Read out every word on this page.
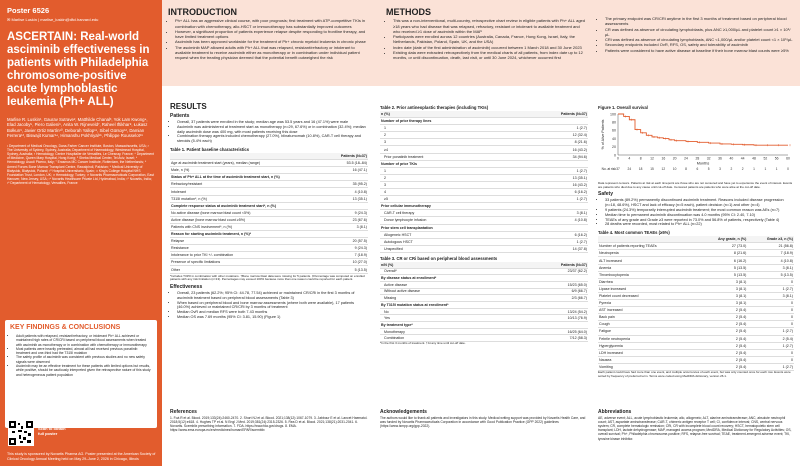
Poster 6526
✉ Marlise Luskin | marlise_luskin@dfci.harvard.edu
ASCERTAIN: Real-world asciminib effectiveness in patients with Philadelphia chromosome-positive acute lymphoblastic leukemia (Ph+ ALL)
Marlise R. Luskin¹, Gaurav Sutrave², Matthilde Chanal³, Yok Lam Kwong⁴, Elad Jacoby⁵, Piero Galieni⁶, Anita W. Rijneveld⁷, Raheel Iftikhar⁸, Łukasz Bołkun⁹, Javier Ortiz Martín¹⁰, Deborah Yallop¹¹, Sibel Gürsoy¹², Damian Ferrera¹³, Biswajit Kumar¹⁴, Himanshu Pokhriyal¹⁵, Philippe Rousselot¹⁶
¹ Department of Medical Oncology, Dana-Farber Cancer Institute, Boston, Massachusetts, USA; ² The University of Sydney, Sydney, Australia; Department of Haematology, Westmead Hospital, Sydney, Australia; ³ Hematology, Centre Hospitalier de Versailles, Le Chesnay, France; ⁴ Department of Medicine, Queen Mary Hospital, Hong Kong; ⁵ Sheba Medical Center, Tel Aviv, Israel; ⁶ Hematology, Ascoli Piceno, Italy; ⁷ Erasmus MC Cancer Institute, Rotterdam, the Netherlands; ⁸ Armed Forces Bone Marrow Transplant Centre, Rawalpindi, Pakistan; ⁹ Medical University of Białystok, Białystok, Poland; ¹⁰ Hospital Universitario, Spain; ¹¹ King's College Hospital NHS Foundation Trust, London, UK; ¹² Hematology, Turkey; ¹³ Novartis Pharmaceuticals Corporation, East Hanover, New Jersey, USA; ¹⁴ Novartis Healthcare Private Ltd, Hyderabad, India; ¹⁵ Novartis, India; ¹⁶ Department of Hematology, Versailles, France
KEY FINDINGS & CONCLUSIONS
• Adult patients with relapsed, resistant/refractory, or intolerant Ph+ ALL achieved or maintained high rates of CR/CRi based on peripheral blood assessments when treated with asciminib as monotherapy or in combination with chemotherapy or immunotherapy
• Most patients were heavily pretreated, almost all had received previous ponatinib treatment and one-third had the T315I mutation
• The safety profile of asciminib was consistent with previous studies and no new safety signals were observed
• Asciminib may be an effective treatment for these patients with limited options but results, while positive, should be cautiously interpreted given the retrospective nature of this study and heterogeneous patient population
Scan to obtain full poster
This study is sponsored by Novartis Pharma AG. Poster presented at the American Society of Clinical Oncology Annual Meeting held on May 29–June 2, 2026 in Chicago, Illinois
INTRODUCTION
• Ph+ ALL has an aggressive clinical course, with poor prognosis; first treatment with ATP-competitive TKIs in combination with chemotherapy, allo-HSCT or immunotherapy has substantially improved outcomes
• However, a significant proportion of patients experience relapse despite responding to frontline therapy, and have limited treatment options
• Asciminib has been approved worldwide for the treatment of Ph+ chronic myeloid leukemia in chronic phase
• The asciminib MAP allowed adults with Ph+ ALL that was relapsed, resistant/refractory or intolerant to available treatment to receive asciminib either as monotherapy or in combination under individual patient request when the treating physician deemed that the potential benefit outweighed the risk
METHODS
• This was a non-interventional, multi-country, retrospective chart review in eligible patients with Ph+ ALL aged ≥18 years who had disease that was relapsed, refractory, resistant or intolerant to available treatment and who received ≥1 dose of asciminib within the MAP
• Participants were enrolled across 12 countries (Australia, Canada, France, Hong Kong, Israel, Italy, the Netherlands, Pakistan, Poland, Spain, UK, and the USA)
• Index date (date of the first administration of asciminib) occurred between 1 March 2018 and 30 June 2023
• Existing data were extracted retrospectively from the medical charts of all patients, from index date up to 12 months, or until discontinuation, death, last visit, or until 30 June 2024, whichever occurred first
• The primary endpoint was CR/CRi anytime in the first 3 months of treatment based on peripheral blood assessments
• CR was defined as absence of circulating lymphoblasts, plus ANC ≥1,000/µL and platelet count ≥1 × 10⁵/µL
• CRi was defined as absence of circulating lymphoblasts, ANC <1,000/µL and/or platelet count <1 × 10⁵/µL
• Secondary endpoints included OvR, RFS, OS, safety and tolerability of asciminib
• Patients were considered to have active disease at baseline if their bone marrow blast counts were ≥5%
RESULTS
Patients
• Overall, 37 patients were enrolled in the study; median age was 53.5 years and 16 (47.1%) were male
• Asciminib was administered at treatment start as monotherapy (n=29, 67.6%) or in combination (32.4%); median daily asciminib dose was 400 mg, with most patients receiving this dose
• Combination therapy agents included chemotherapy (27.0%), blinatumomab (10.8%), CAR-T cell therapy and steroids (5.4% each)
Table 1. Patient baseline characteristics
	Patients (N=37)
Age at asciminib treatment start (years), median (range)	53.5 (18–84)
Male, n (%)	16 (47.1)
Status of Ph+ ALL at the time of asciminib treatment start, n (%)	
Refractory/resistant	35 (95.2)
Intolerant	4 (10.8)
T315I mutation*, n (%)	13 (35.1)
Complete response status at asciminib treatment start*, n (%)	
No active disease (bone marrow blast count <5%)	9 (24.3)
Active disease (bone marrow blast count ≥5%)	23 (67.6)
Patients with CNS involvement*, n (%)	3 (8.1)
Reason for starting asciminib treatment, n (%)*	
Relapse	20 (57.5)
Resistance	9 (24.3)
Intolerance to prior TKI +/- combination	7 (18.9)
Presence of specific limitations	10 (27.0)
Other	5 (13.5)
*Includes T315I in combination with other mutations. †Bone marrow blast data were missing for 5 patients. ‡Percentage was computed on enrolled patients with any risk limitation (n=13). Percentages may exceed 100% because more than one reason could be reported for each patient.
Effectiveness
• Overall, 23 patients (62.2%; 95% CI: 44.78, 77.54) achieved or maintained CR/CRi in the first 3 months of asciminib treatment based on peripheral blood assessments (Table 3)
• When based on peripheral blood and bone marrow assessments (where both were available), 17 patients (46.0%) achieved or maintained CR/CRi by 3 months of treatment
• Median OvR and median RFS were both 7.43 months
• Median OS was 7.69 months (95% CI: 3.81, 15.90) (Figure 1)
Table 2. Prior antineoplastic therapies (including TKIs)
n (%)	Patients (N=37)
Number of prior therapy lines	
1	1 (2.7)
2	12 (32.4)
3	8 (21.6)
≥4	16 (43.2)
Prior ponatinib treatment	34 (94.6)
Number of prior TKIs	
1	1 (2.7)
2	13 (35.1)
3	16 (43.2)
4	6 (16.2)
≥5	1 (2.7)
Prior cellular immunotherapy	
CAR-T cell therapy	3 (8.1)
Donor lymphocyte infusion	4 (10.8)
Prior stem cell transplantation	
Allogeneic HSCT	6 (16.2)
Autologous HSCT	1 (2.7)
Unspecified	14 (37.8)
Table 3. CR or CRi based on peripheral blood assessments
n/N (%)	Patients (N=37)
Overall*	23/37 (62.2)
By disease status at enrollment*	
Active disease	15/23 (65.0)
Without active disease	6/9 (66.7)
Missing	2/3 (66.7)
By T315I mutation status at enrollment*	
No	13/24 (54.2)
Yes	10/13 (76.9)
By treatment type*	
Monotherapy	16/25 (64.0)
Combination	7/12 (58.3)
*In the first 3 months of treatment. †At any time until cut-off date.
Figure 1. Overall survival
0
20
40
60
80
100
0
37
4
24
8
18
12
15
16
12
20
10
24
8
28
6
32
5
36
3
40
2
44
2
48
1
52
1
56
1
60
0
Months
% of Alive Patients
No. at risk
Data represent censors. Patients at risk at each timepoint are those who are not censored and have yet to experience the event of interest. Events are patients who died due to any cause until cut-off date. Censored patients are patients who were alive at the cut-off date.
Safety
• 33 patients (89.2%) permanently discontinued asciminib treatment. Reasons included disease progression (n=18, 48.6%), HSCT and lack of efficacy (n=5 each), patient decision (n=1) and other (n=4)
• 9 patients (24.3%) temporarily interrupted asciminib treatment; the most common reason was AEs (n=7)
• Median time to permanent asciminib discontinuation was 4.0 months (95% CI: 2.40, 7.10)
• TEAEs of any grade and Grade ≥3 were reported in 73.0% and 56.8% of patients, respectively (Table 4)
• 28 deaths were recorded, most related to Ph+ ALL (n=22)
Table 4. Most common TEAEs (≥5%)
	Any grade, n (%)	Grade ≥3, n (%)
Number of patients reporting TEAEs	27 (73.0)	21 (56.8)
Neutropenia	8 (21.6)	7 (18.9)
ALT increased	6 (16.2)	4 (10.8)
Anemia	5 (13.5)	3 (8.1)
Thrombocytopenia	5 (13.5)	5 (13.5)
Diarrhea	3 (8.1)	0
Lipase increased	3 (8.1)	1 (2.7)
Platelet count decreased	3 (8.1)	3 (8.1)
Pyrexia	3 (8.1)	0
AST increased	2 (5.4)	0
Back pain	2 (5.4)	0
Cough	2 (5.4)	0
Fatigue	2 (5.4)	1 (2.7)
Febrile neutropenia	2 (5.4)	2 (5.4)
Hyperglycemia	2 (5.4)	1 (2.7)
LDH increased	2 (5.4)	0
Nausea	2 (5.4)	0
Vomiting	2 (5.4)	1 (2.7)
Each patient could have had more than one event, and multiple occurrences of each event, but was only counted once for each row. Events were sorted by frequency of preferred term. Terms were coded using MedDRA dictionary, version 26.1.
References
1. Foà R et al. Blood. 2019;133(24):2460-2470. 2. Short NJ et al. Blood. 2021;138(12):1067-1079. 3. Jabbour E et al. Lancet Haematol. 2018;5(12):e618. 4. Hughes TP et al. N Engl J Med. 2019;381(24):2315-2326. 5. Rea D et al. Blood. 2021;138(21):2031-2041. 6. Novartis. Scemblix prescribing information. 7. FDA. https://www.fda.gov/drugs. 8. EMA. https://www.ema.europa.eu/en/medicines/human/EPAR/scemblix
Acknowledgements
The authors would like to thank all patients and investigators in this study. Medical writing support was provided by Novartis Health Care, and was funded by Novartis Pharmaceuticals Corporation in accordance with Good Publication Practice (GPP 2022) guidelines (https://www.ismpp.org/gpp-2022).
Abbreviations
AE, adverse event; ALL, acute lymphoblastic leukemia; allo, allogeneic; ALT, alanine aminotransferase; ANC, absolute neutrophil count; AST, aspartate aminotransferase; CAR-T, chimeric antigen receptor T cell; CI, confidence interval; CNS, central nervous system; CR, complete hematologic remission; CRi, CR with incomplete blood count recovery; HSCT, hematopoietic stem cell transplant; LDH, lactate dehydrogenase; MAP, managed access program; MedDRA, Medical Dictionary for Regulatory Activities; OS, overall survival; Ph+, Philadelphia chromosome-positive; RFS, relapse-free survival; TEAE, treatment-emergent adverse event; TKI, tyrosine kinase inhibitor.
